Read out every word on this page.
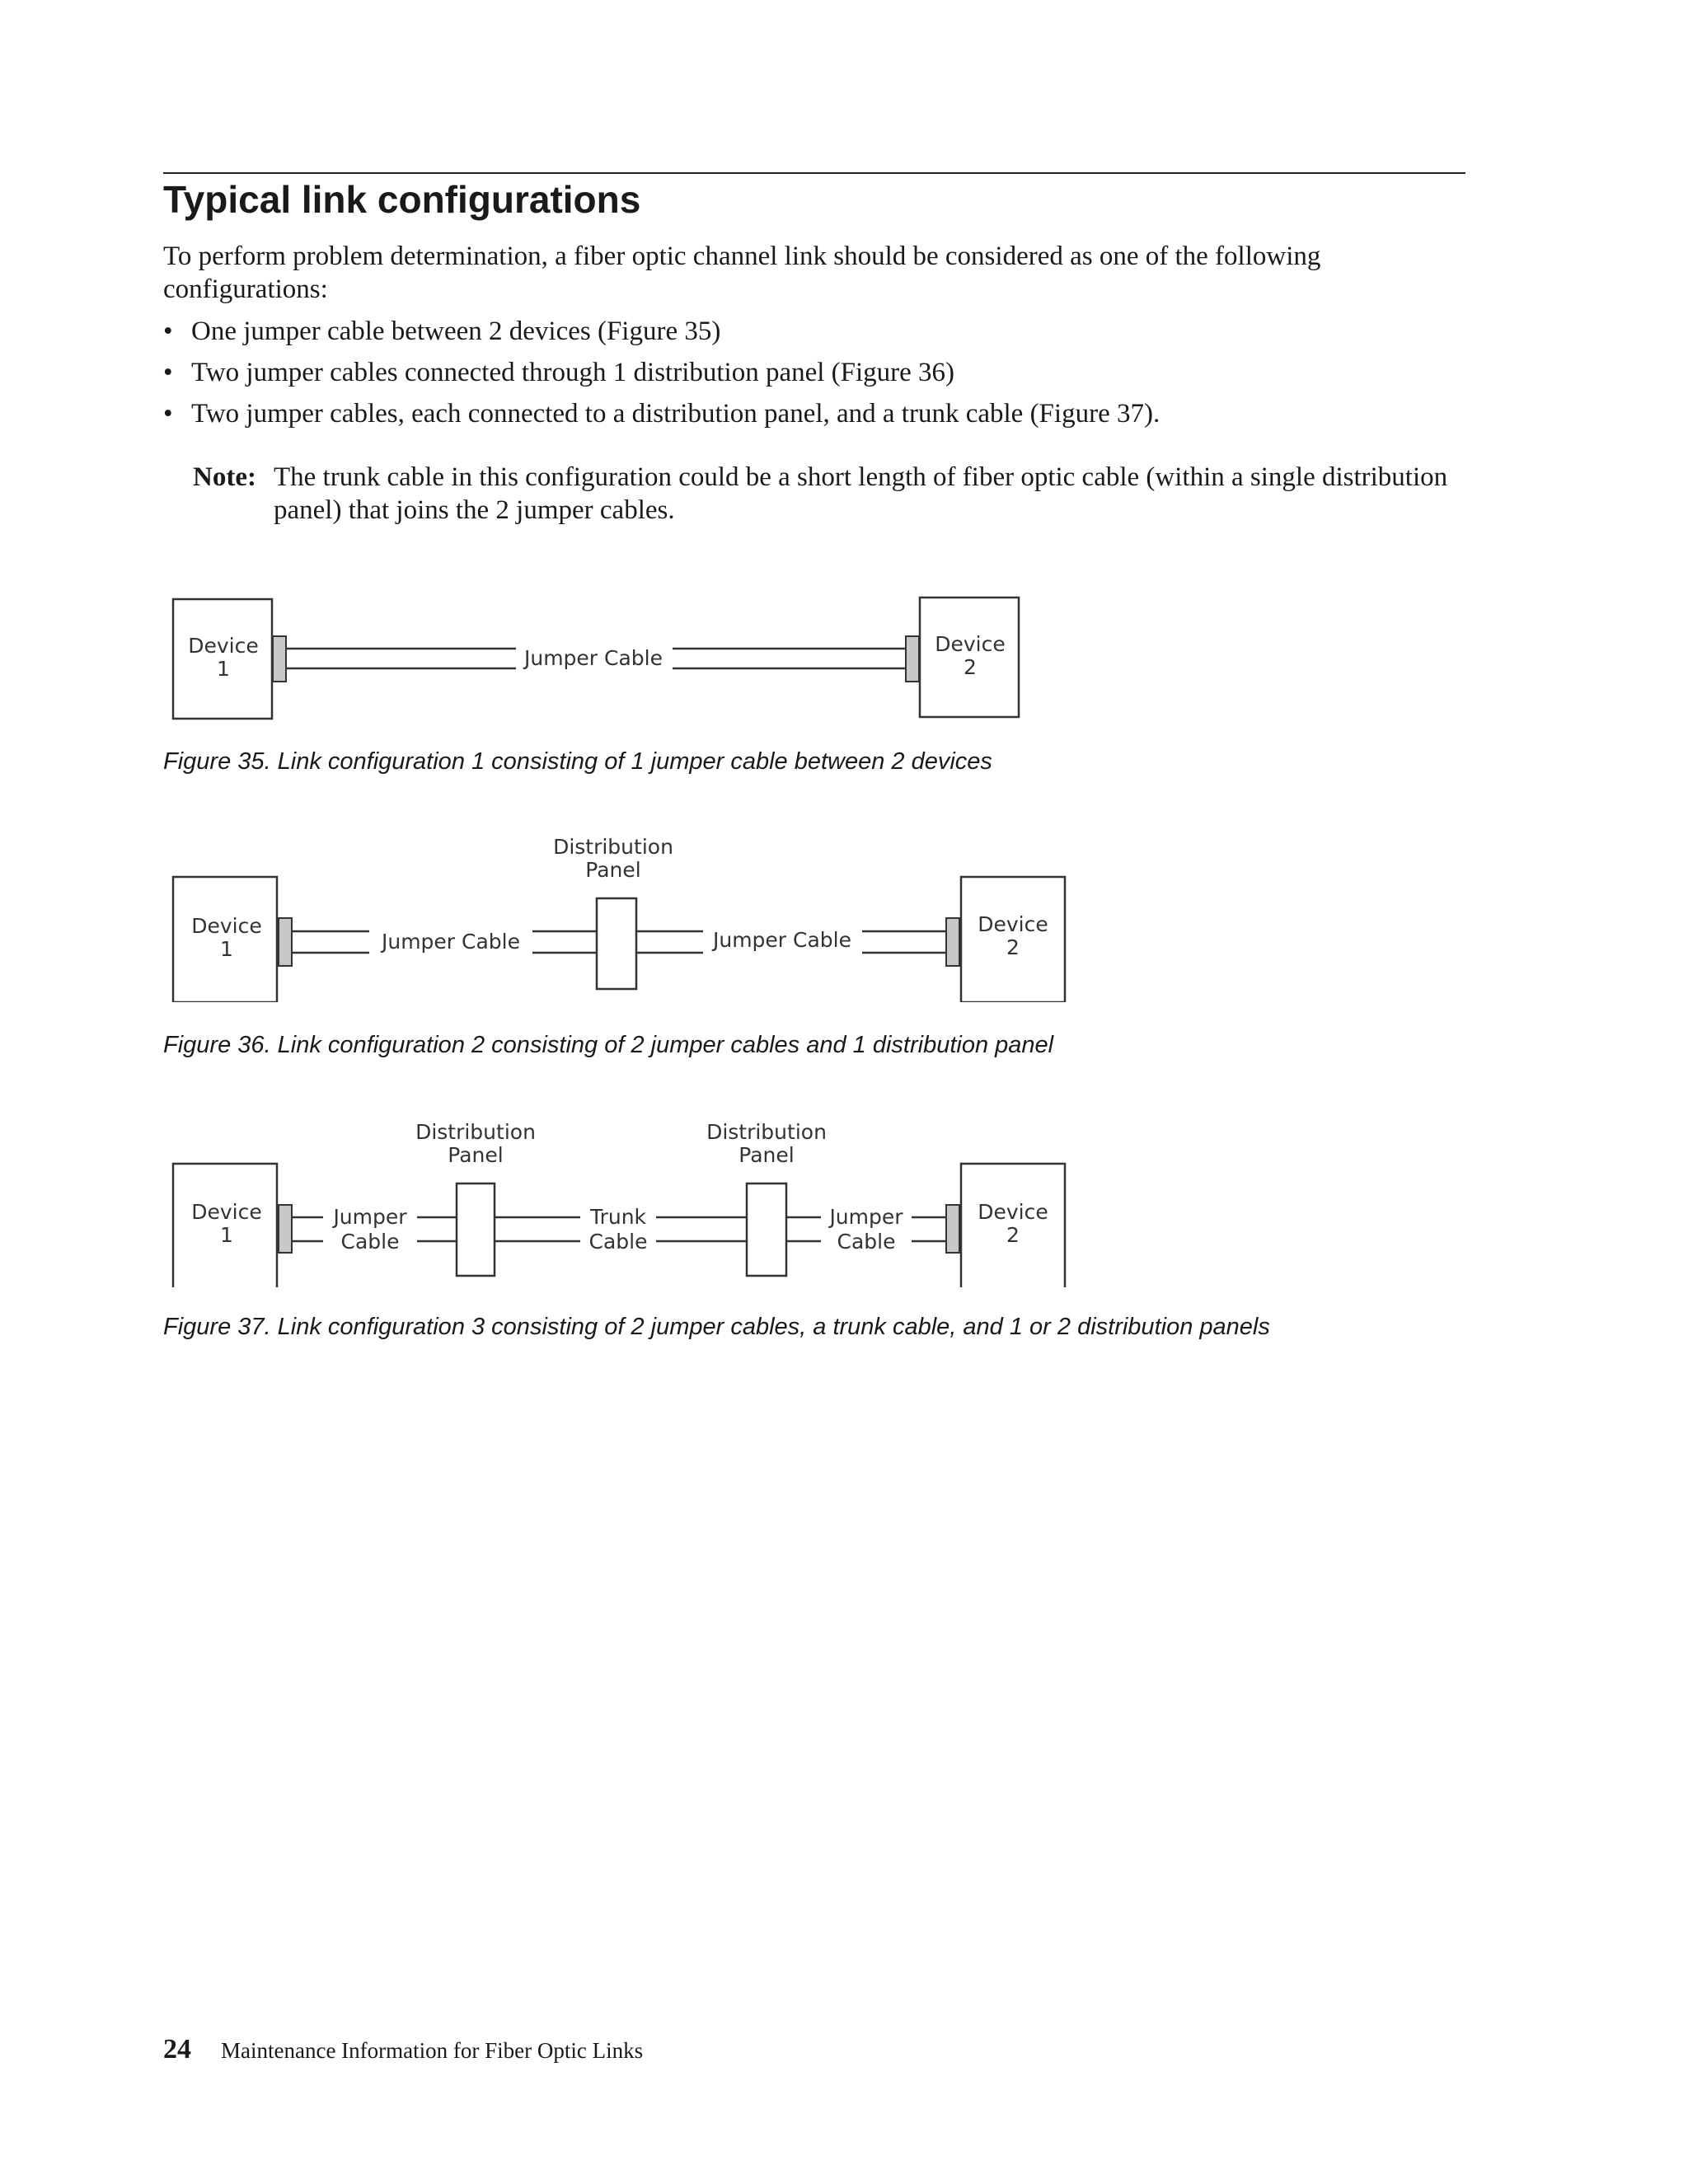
Typical link configurations

To perform problem determination, a fiber optic channel link should be considered as one of the following configurations:

• One jumper cable between 2 devices (Figure 35)
• Two jumper cables connected through 1 distribution panel (Figure 36)
• Two jumper cables, each connected to a distribution panel, and a trunk cable (Figure 37).

Note: The trunk cable in this configuration could be a short length of fiber optic cable (within a single distribution panel) that joins the 2 jumper cables.

Device
1	Jumper Cable
Device
2

Figure 35. Link configuration 1 consisting of 1 jumper cable between 2 devices

Distribution
Panel
Device
1	Jumper Cable	Jumper Cable
Device
2

Figure 36. Link configuration 2 consisting of 2 jumper cables and 1 distribution panel

Distribution
Panel
Distribution
Panel
Device
1
Jumper
Cable
Trunk
Cable
Jumper
Cable
Device
2

Figure 37. Link configuration 3 consisting of 2 jumper cables, a trunk cable, and 1 or 2 distribution panels

24 Maintenance Information for Fiber Optic Links
